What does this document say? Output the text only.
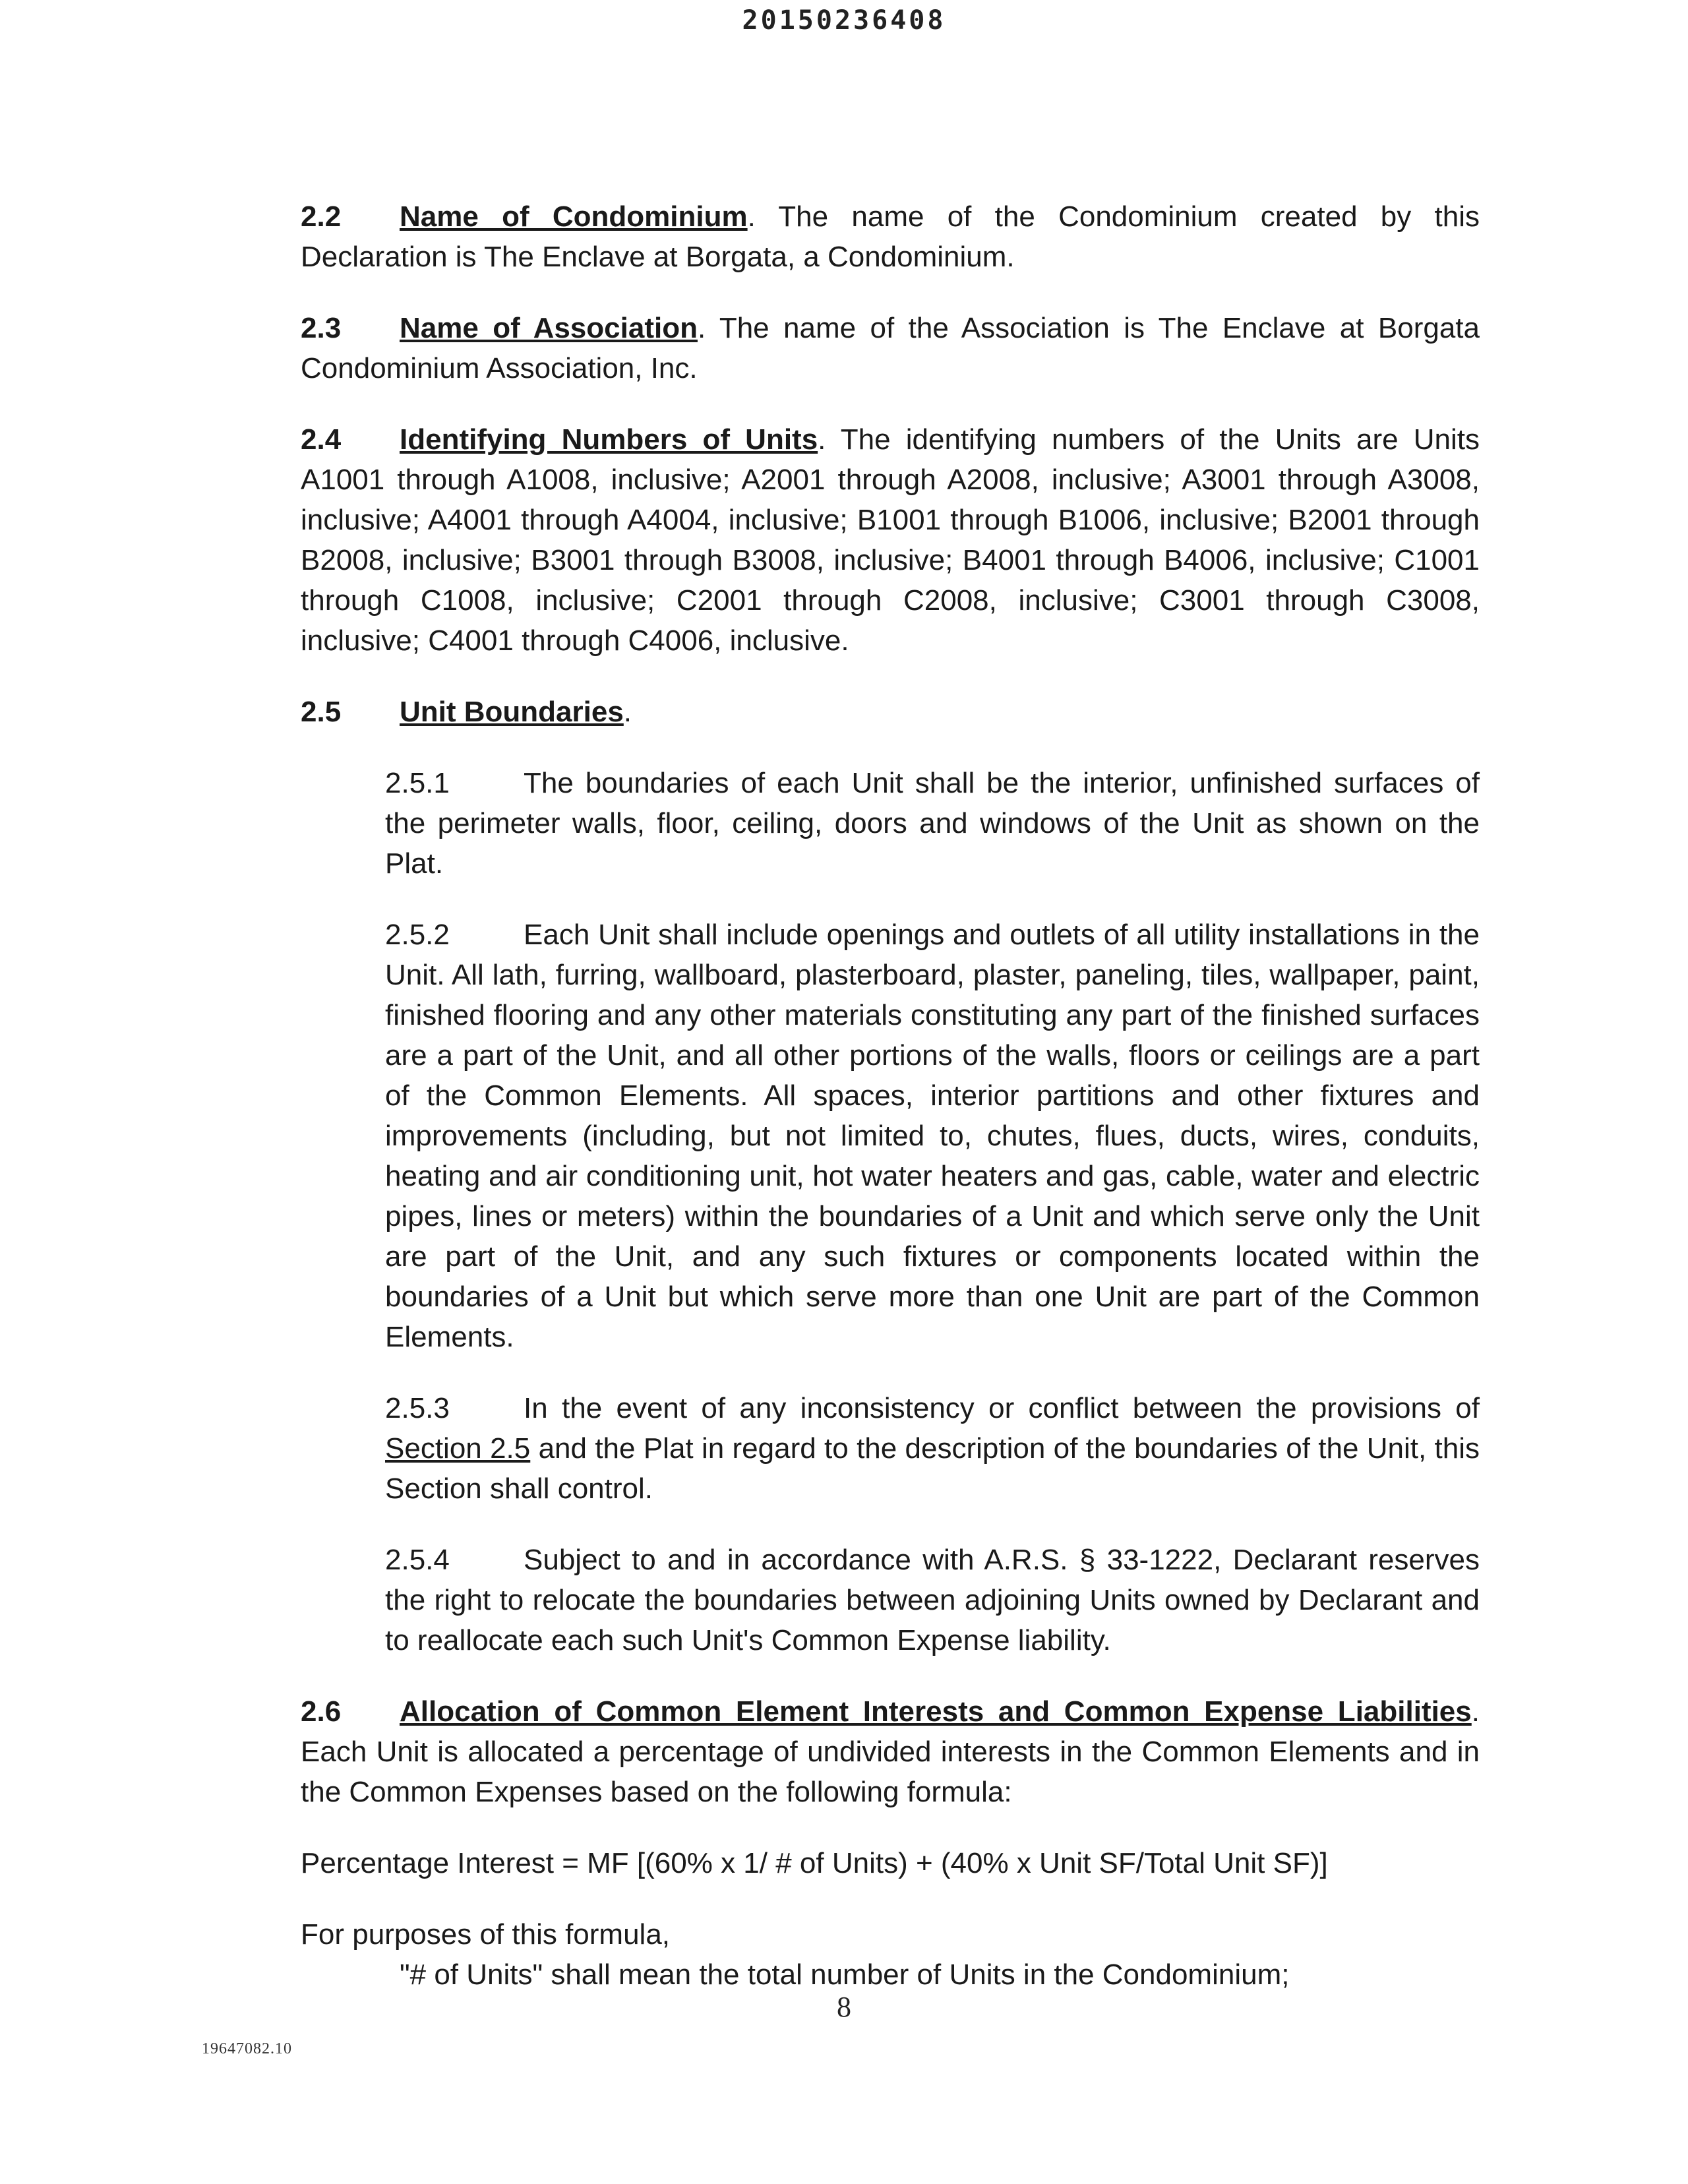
20150236408

2.2 Name of Condominium. The name of the Condominium created by this Declaration is The Enclave at Borgata, a Condominium.

2.3 Name of Association. The name of the Association is The Enclave at Borgata Condominium Association, Inc.

2.4 Identifying Numbers of Units. The identifying numbers of the Units are Units A1001 through A1008, inclusive; A2001 through A2008, inclusive; A3001 through A3008, inclusive; A4001 through A4004, inclusive; B1001 through B1006, inclusive; B2001 through B2008, inclusive; B3001 through B3008, inclusive; B4001 through B4006, inclusive; C1001 through C1008, inclusive; C2001 through C2008, inclusive; C3001 through C3008, inclusive; C4001 through C4006, inclusive.

2.5 Unit Boundaries.

2.5.1	The boundaries of each Unit shall be the interior, unfinished surfaces of the perimeter walls, floor, ceiling, doors and windows of the Unit as shown on the Plat.

2.5.2	Each Unit shall include openings and outlets of all utility installations in the Unit. All lath, furring, wallboard, plasterboard, plaster, paneling, tiles, wallpaper, paint, finished flooring and any other materials constituting any part of the finished surfaces are a part of the Unit, and all other portions of the walls, floors or ceilings are a part of the Common Elements. All spaces, interior partitions and other fixtures and improvements (including, but not limited to, chutes, flues, ducts, wires, conduits, heating and air conditioning unit, hot water heaters and gas, cable, water and electric pipes, lines or meters) within the boundaries of a Unit and which serve only the Unit are part of the Unit, and any such fixtures or components located within the boundaries of a Unit but which serve more than one Unit are part of the Common Elements.

2.5.3	In the event of any inconsistency or conflict between the provisions of Section 2.5 and the Plat in regard to the description of the boundaries of the Unit, this Section shall control.

2.5.4	Subject to and in accordance with A.R.S. § 33-1222, Declarant reserves the right to relocate the boundaries between adjoining Units owned by Declarant and to reallocate each such Unit's Common Expense liability.

2.6 Allocation of Common Element Interests and Common Expense Liabilities. Each Unit is allocated a percentage of undivided interests in the Common Elements and in the Common Expenses based on the following formula:

Percentage Interest = MF [(60% x 1/ # of Units) + (40% x Unit SF/Total Unit SF)]
For purposes of this formula,
"# of Units" shall mean the total number of Units in the Condominium;
8
19647082.10
